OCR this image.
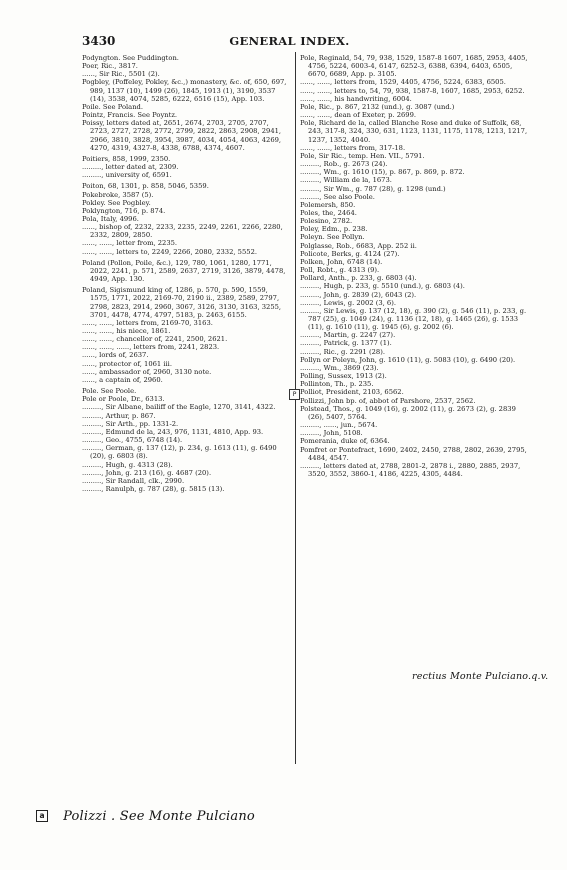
3430	GENERAL INDEX.

Podyngton. See Puddington.

Poer, Ric., 3817.

......, Sir Ric., 5501 (2).

Pogbley, (Poffeley, Pokley, &c.,) monastery, &c. of, 650, 697, 989, 1137 (10), 1499 (26), 1845, 1913 (1), 3190, 3537 (14), 3538, 4074, 5285, 6222, 6516 (15), App. 103.

Poile. See Poland.

Pointz, Francis. See Poyntz.

Poissy, letters dated at, 2651, 2674, 2703, 2705, 2707, 2723, 2727, 2728, 2772, 2799, 2822, 2863, 2908, 2941, 2966, 3810, 3828, 3954, 3987, 4034, 4054, 4063, 4269, 4270, 4319, 4327-8, 4338, 6788, 4374, 4607.

Poitiers, 858, 1999, 2350.

........., letter dated at, 2309.

........., university of, 6591.

Poiton, 68, 1301, p. 858, 5046, 5359.

Pokebroke, 3587 (5).

Pokley. See Pogbley.

Poklyngton, 716, p. 874.

Pola, Italy, 4996.

......, bishop of, 2232, 2233, 2235, 2249, 2261, 2266, 2280, 2332, 2809, 2850.

......, ......, letter from, 2235.

......, ......, letters to, 2249, 2266, 2080, 2332, 5552.

Poland (Pollon, Poile, &c.), 129, 780, 1061, 1280, 1771, 2022, 2241, p. 571, 2589, 2637, 2719, 3126, 3879, 4478, 4949, App. 130.

Poland, Sigismund king of, 1286, p. 570, p. 590, 1559, 1575, 1771, 2022, 2169-70, 2190 ii., 2389, 2589, 2797, 2798, 2823, 2914, 2960, 3067, 3126, 3130, 3163, 3255, 3701, 4478, 4774, 4797, 5183, p. 2463, 6155.

......, ......, letters from, 2169-70, 3163.

......, ......, his niece, 1861.

......, ......, chancellor of, 2241, 2500, 2621.

......, ......, ......, letters from, 2241, 2823.

......, lords of, 2637.

......, protector of, 1061 iii.

......, ambassador of, 2960, 3130 note.

......, a captain of, 2960.

Pole. See Poole.

Pole or Poole, Dr., 6313.

........., Sir Albane, bailiff of the Eagle, 1270, 3141, 4322.

........., Arthur, p. 867.

........., Sir Arth., pp. 1331-2.

........., Edmund de la, 243, 976, 1131, 4810, App. 93.

........., Geo., 4755, 6748 (14).

........., German, g. 137 (12), p. 234, g. 1613 (11), g. 6490 (20), g. 6803 (8).

........., Hugh, g. 4313 (28).

........., John, g. 213 (16), g. 4687 (20).

........., Sir Randall, clk., 2990.

........., Ranulph, g. 787 (28), g. 5815 (13).

Pole, Reginald, 54, 79, 938, 1529, 1587-8 1607, 1685, 2953, 4405, 4756, 5224, 6003-4, 6147, 6252-3, 6388, 6394, 6403, 6505, 6670, 6689, App. p. 3105.

......, ......, letters from, 1529, 4405, 4756, 5224, 6383, 6505.

......, ......, letters to, 54, 79, 938, 1587-8, 1607, 1685, 2953, 6252.

......, ......, his handwriting, 6004.

Pole, Ric., p. 867, 2132 (und.), g. 3087 (und.)

......, ......, dean of Exeter, p. 2699.

Pole, Richard de la, called Blanche Rose and duke of Suffolk, 68, 243, 317-8, 324, 330, 631, 1123, 1131, 1175, 1178, 1213, 1217, 1237, 1352, 4040.

......, ......, letters from, 317-18.

Pole, Sir Ric., temp. Hen. VII., 5791.

........., Rob., g. 2673 (24).

........., Wm., g. 1610 (15), p. 867, p. 869, p. 872.

........., William de la, 1673.

........., Sir Wm., g. 787 (28), g. 1298 (und.)

........., See also Poole.

Polemersh, 850.

Poles, the, 2464.

Polesino, 2782.

Poley, Edm., p. 238.

Poleyn. See Pollyn.

Polglasse, Rob., 6683, App. 252 ii.

Policote, Berks, g. 4124 (27).

Polken, John, 6748 (14).

Poll, Robt., g. 4313 (9).

Pollard, Anth., p. 233, g. 6803 (4).

........., Hugh, p. 233, g. 5510 (und.), g. 6803 (4).

........., John, g. 2839 (2), 6043 (2).

........., Lewis, g. 2002 (3, 6).

........., Sir Lewis, g. 137 (12, 18), g. 390 (2), g. 546 (11), p. 233, g. 787 (25), g. 1049 (24), g. 1136 (12, 18), g. 1465 (26), g. 1533 (11), g. 1610 (11), g. 1945 (6), g. 2002 (6).

........., Martin, g. 2247 (27).

........., Patrick, g. 1377 (1).

........., Ric., g. 2291 (28).

Pollyn or Poleyn, John, g. 1610 (11), g. 5083 (10), g. 6490 (20).

........., Wm., 3869 (23).

Polling, Sussex, 1913 (2).

Pollinton, Th., p. 235.

Polliot, President, 2103, 6562.

Pollizzi, John bp. of, abbot of Parshore, 2537, 2562.

Polstead, Thos., g. 1049 (16), g. 2002 (11), g. 2673 (2), g. 2839 (26), 5407, 5764.

........., ......, jun., 5674.

........., John, 5108.

Pomerania, duke of, 6364.

Pomfret or Pontefract, 1690, 2402, 2450, 2788, 2802, 2639, 2795, 4484, 4547.

........., letters dated at, 2788, 2801-2, 2878 i., 2880, 2885, 2937, 3520, 3552, 3860-1, 4186, 4225, 4305, 4484.

P
rectius Monte Pulciano.q.v.
a Polizzi . See Monte Pulciano
